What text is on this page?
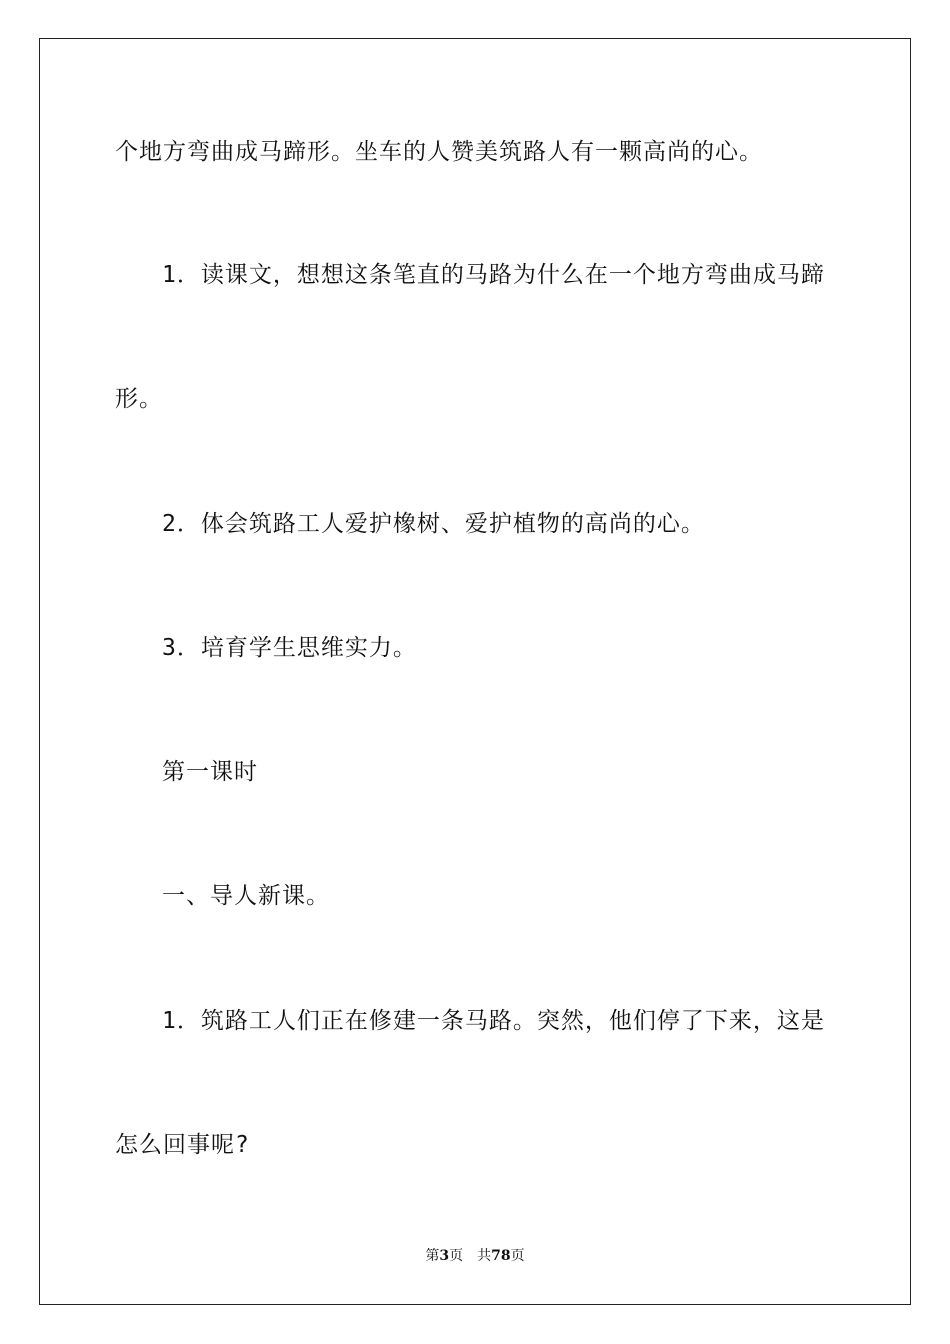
个地方弯曲成马蹄形。坐车的人赞美筑路人有一颗高尚的心。

1．读课文，想想这条笔直的马路为什么在一个地方弯曲成马蹄

形。

2．体会筑路工人爱护橡树、爱护植物的高尚的心。

3．培育学生思维实力。

第一课时

一、导人新课。

1．筑路工人们正在修建一条马路。突然，他们停了下来，这是

怎么回事呢?

第3页 共78页
